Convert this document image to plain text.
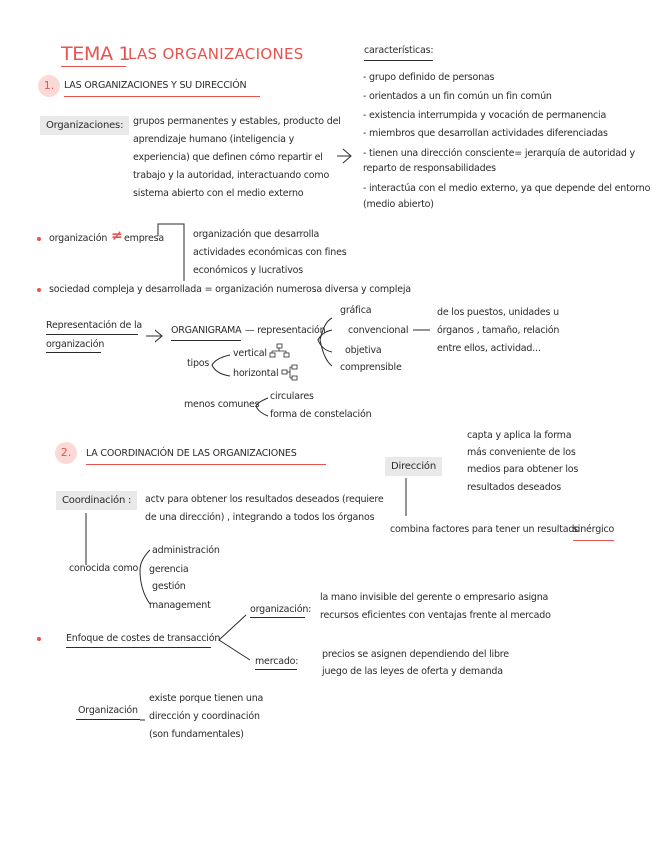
TEMA 1
LAS ORGANIZACIONES	características:
1.	LAS ORGANIZACIONES Y SU DIRECCIÓN
Organizaciones:	grupos permanentes y estables, producto del
aprendizaje humano (inteligencia y
experiencia) que definen cómo repartir el
trabajo y la autoridad, interactuando como
sistema abierto con el medio externo
- grupo definido de personas
- orientados a un fin común un fin común
- existencia interrumpida y vocación de permanencia
- miembros que desarrollan actividades diferenciadas
- tienen una dirección consciente= jerarquía de autoridad y
reparto de responsabilidades
- interactúa con el medio externo, ya que depende del entorno
(medio abierto)
organización ≠ empresa	organización que desarrolla
actividades económicas con fines
económicos y lucrativos
sociedad compleja y desarrollada = organización numerosa diversa y compleja
Representación de la
organización
ORGANIGRAMA — representación
gráfica
convencional
objetiva
comprensible
de los puestos, unidades u
órganos , tamaño, relación
entre ellos, actividad...
tipos
vertical
horizontal
menos comunes
circulares
forma de constelación
2.	LA COORDINACIÓN DE LAS ORGANIZACIONES
Dirección
capta y aplica la forma
más conveniente de los
medios para obtener los
resultados deseados
combina factores para tener un resultado
sinérgico
Coordinación :	actv para obtener los resultados deseados (requiere
de una dirección) , integrando a todos los órganos
conocida como
administración
gerencia
gestión
management
Enfoque de costes de transacción
organización:
la mano invisible del gerente o empresario asigna
recursos eficientes con ventajas frente al mercado
mercado:
precios se asignen dependiendo del libre
juego de las leyes de oferta y demanda
Organización
existe porque tienen una
dirección y coordinación
(son fundamentales)
